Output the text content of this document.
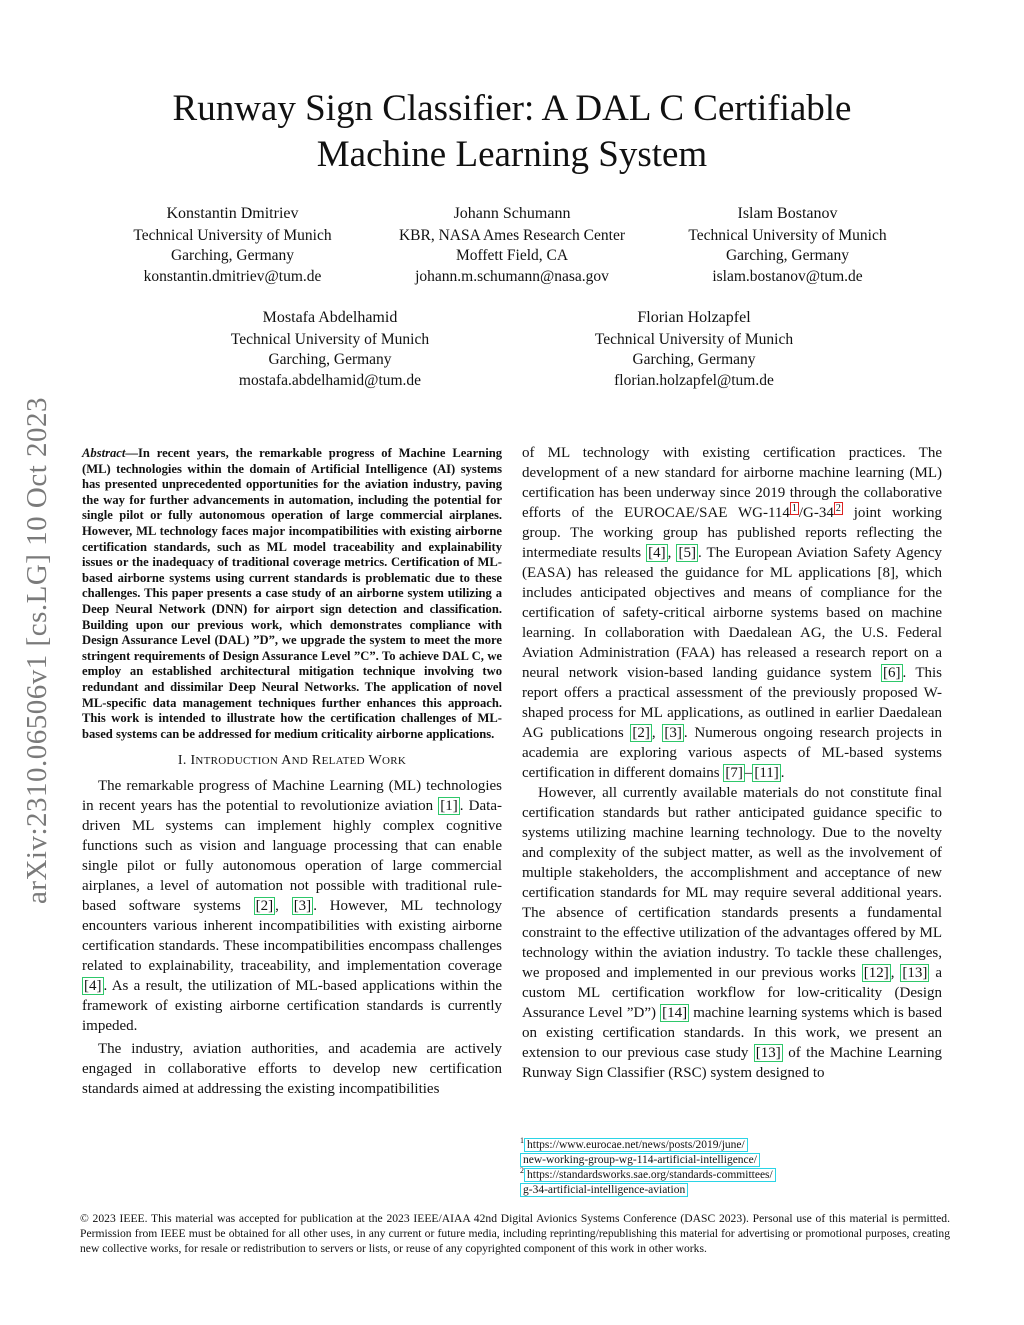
arXiv:2310.06506v1 [cs.LG] 10 Oct 2023
Runway Sign Classifier: A DAL C Certifiable
Machine Learning System
Konstantin Dmitriev
Technical University of Munich
Garching, Germany
konstantin.dmitriev@tum.de
Johann Schumann
KBR, NASA Ames Research Center
Moffett Field, CA
johann.m.schumann@nasa.gov
Islam Bostanov
Technical University of Munich
Garching, Germany
islam.bostanov@tum.de
Mostafa Abdelhamid
Technical University of Munich
Garching, Germany
mostafa.abdelhamid@tum.de
Florian Holzapfel
Technical University of Munich
Garching, Germany
florian.holzapfel@tum.de

Abstract—In recent years, the remarkable progress of Machine Learning (ML) technologies within the domain of Artificial Intelligence (AI) systems has presented unprecedented opportunities for the aviation industry, paving the way for further advancements in automation, including the potential for single pilot or fully autonomous operation of large commercial airplanes. However, ML technology faces major incompatibilities with existing airborne certification standards, such as ML model traceability and explainability issues or the inadequacy of traditional coverage metrics. Certification of ML-based airborne systems using current standards is problematic due to these challenges. This paper presents a case study of an airborne system utilizing a Deep Neural Network (DNN) for airport sign detection and classification. Building upon our previous work, which demonstrates compliance with Design Assurance Level (DAL) ”D”, we upgrade the system to meet the more stringent requirements of Design Assurance Level ”C”. To achieve DAL C, we employ an established architectural mitigation technique involving two redundant and dissimilar Deep Neural Networks. The application of novel ML-specific data management techniques further enhances this approach. This work is intended to illustrate how the certification challenges of ML-based systems can be addressed for medium criticality airborne applications.

I. INTRODUCTION AND RELATED WORK

The remarkable progress of Machine Learning (ML) technologies in recent years has the potential to revolutionize aviation [1] . Data-driven ML systems can implement highly complex cognitive functions such as vision and language processing that can enable single pilot or fully autonomous operation of large commercial airplanes, a level of automation not possible with traditional rule-based software systems [2] , [3] . However, ML technology encounters various inherent incompatibilities with existing airborne certification standards. These incompatibilities encompass challenges related to explainability, traceability, and implementation coverage [4] . As a result, the utilization of ML-based applications within the framework of existing airborne certification standards is currently impeded.

The industry, aviation authorities, and academia are actively engaged in collaborative efforts to develop new certification standards aimed at addressing the existing incompatibilities

of ML technology with existing certification practices. The development of a new standard for airborne machine learning (ML) certification has been underway since 2019 through the collaborative efforts of the EUROCAE/SAE WG-114 $^1$ /G-34 $^2$ joint working group. The working group has published reports reflecting the intermediate results [4] , [5] . The European Aviation Safety Agency (EASA) has released the guidance for ML applications [8], which includes anticipated objectives and means of compliance for the certification of safety-critical airborne systems based on machine learning. In collaboration with Daedalean AG, the U.S. Federal Aviation Administration (FAA) has released a research report on a neural network vision-based landing guidance system [6] . This report offers a practical assessment of the previously proposed W-shaped process for ML applications, as outlined in earlier Daedalean AG publications [2] , [3] . Numerous ongoing research projects in academia are exploring various aspects of ML-based systems certification in different domains [7] – [11] .

However, all currently available materials do not constitute final certification standards but rather anticipated guidance specific to systems utilizing machine learning technology. Due to the novelty and complexity of the subject matter, as well as the involvement of multiple stakeholders, the accomplishment and acceptance of new certification standards for ML may require several additional years. The absence of certification standards presents a fundamental constraint to the effective utilization of the advantages offered by ML technology within the aviation industry. To tackle these challenges, we proposed and implemented in our previous works [12] , [13] a custom ML certification workflow for low-criticality (Design Assurance Level ”D”) [14] machine learning systems which is based on existing certification standards. In this work, we present an extension to our previous case study [13] of the Machine Learning Runway Sign Classifier (RSC) system designed to

$^1$ https://www.eurocae.net/news/posts/2019/june/
new-working-group-wg-114-artificial-intelligence/
$^2$ https://standardsworks.sae.org/standards-committees/
g-34-artificial-intelligence-aviation
© 2023 IEEE. This material was accepted for publication at the 2023 IEEE/AIAA 42nd Digital Avionics Systems Conference (DASC 2023). Personal use of this material is permitted. Permission from IEEE must be obtained for all other uses, in any current or future media, including reprinting/republishing this material for advertising or promotional purposes, creating new collective works, for resale or redistribution to servers or lists, or reuse of any copyrighted component of this work in other works.
